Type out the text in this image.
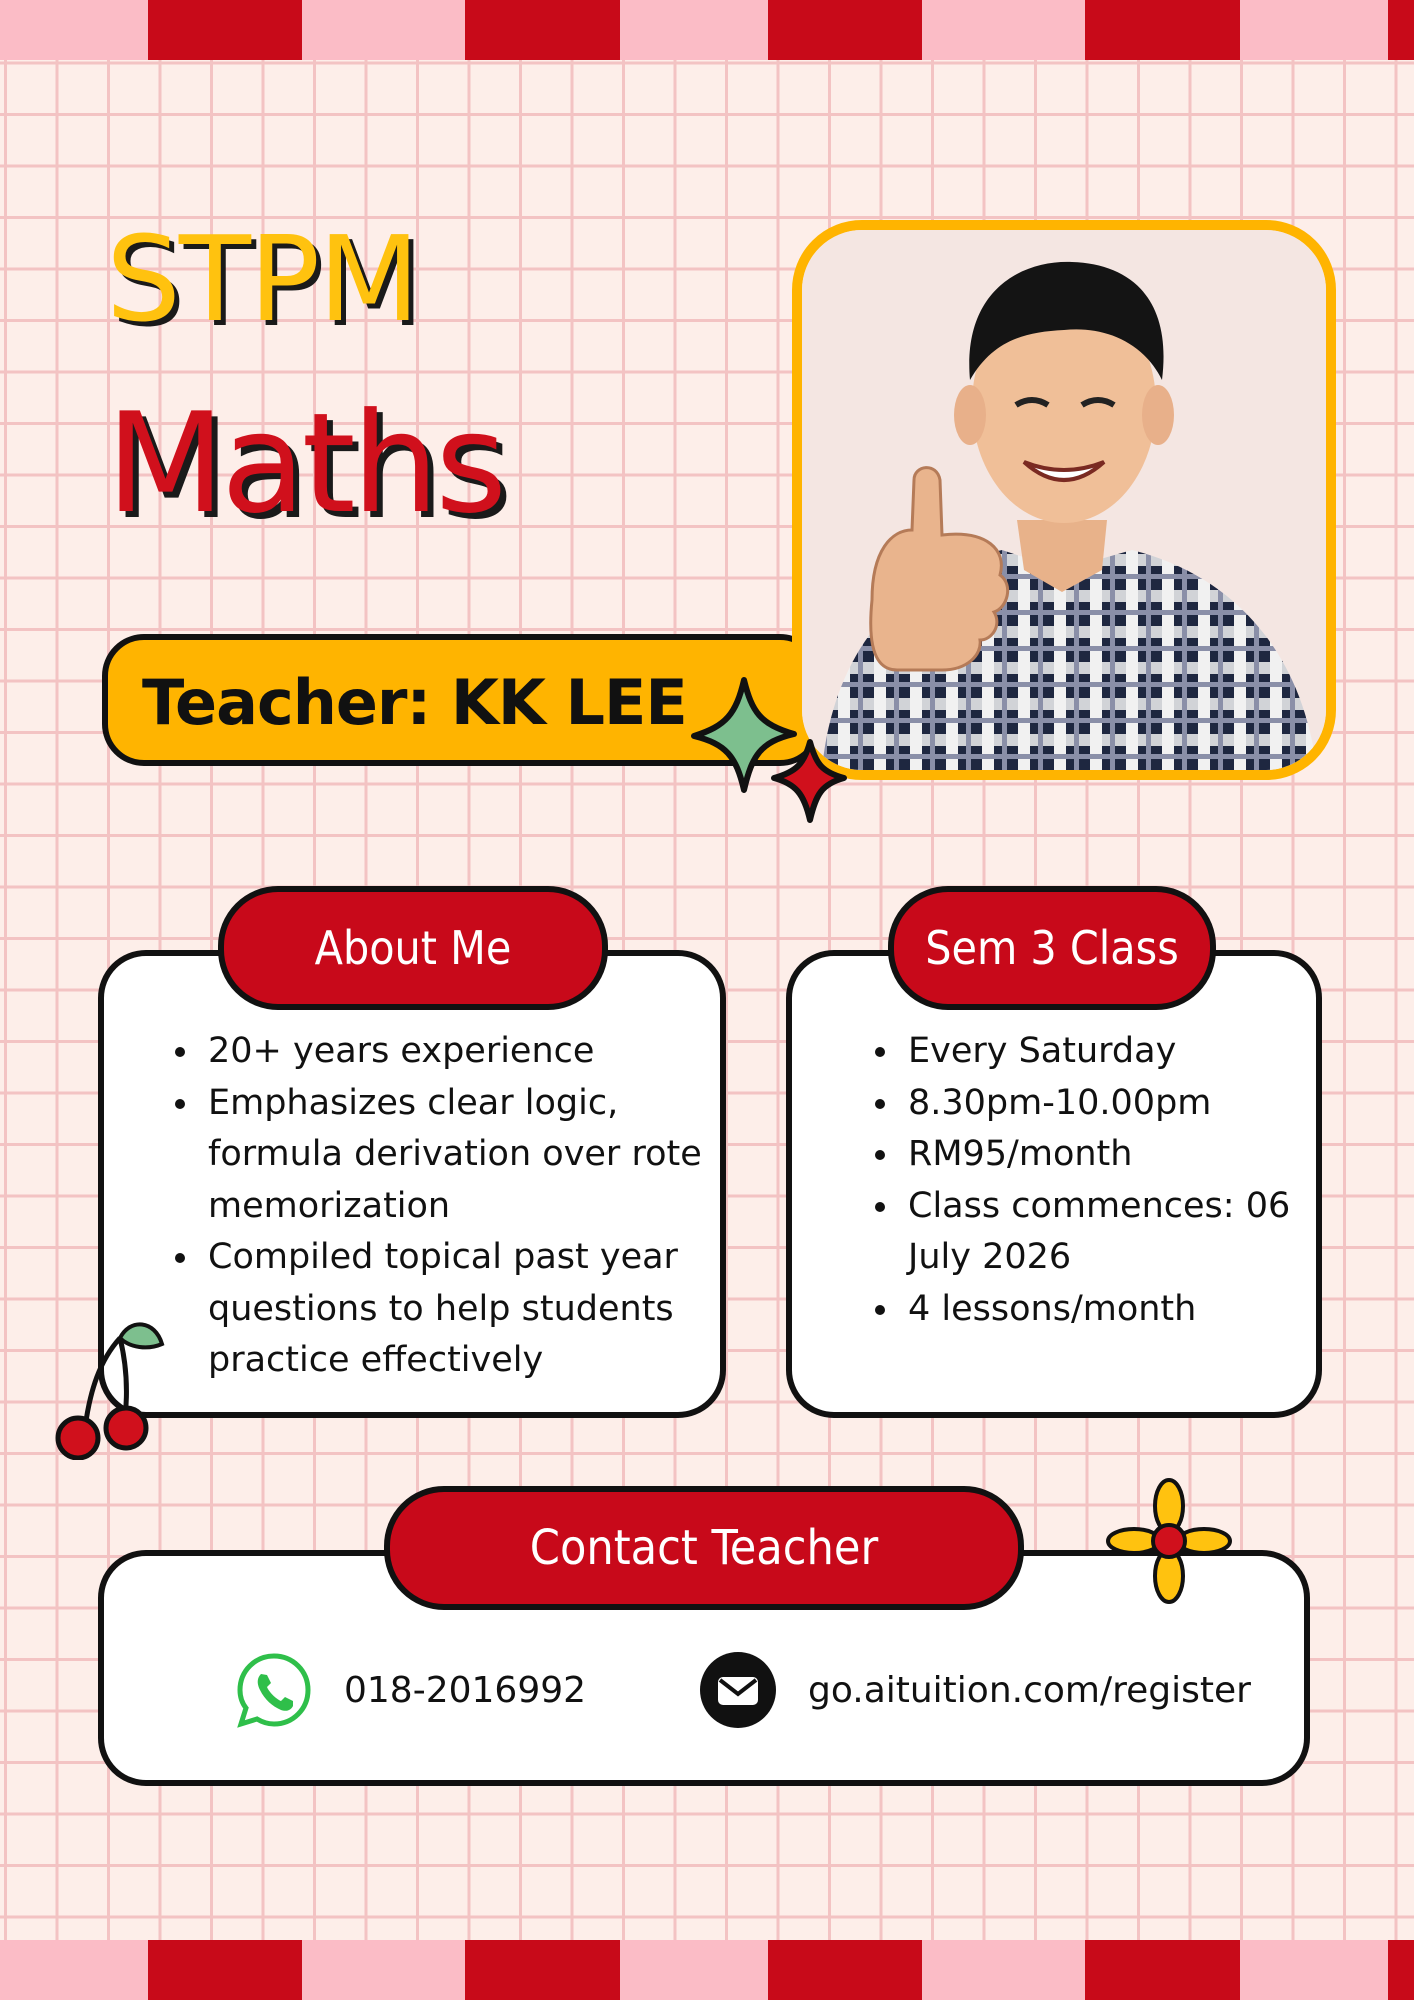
STPM
Maths
Teacher: KK LEE
About Me
• 20+ years experience
• Emphasizes clear logic, formula derivation over rote memorization
• Compiled topical past year questions to help students practice effectively
Sem 3 Class
• Every Saturday
• 8.30pm-10.00pm
• RM95/month
• Class commences: 06 July 2026
• 4 lessons/month
Contact Teacher
018-2016992	go.aituition.com/register
